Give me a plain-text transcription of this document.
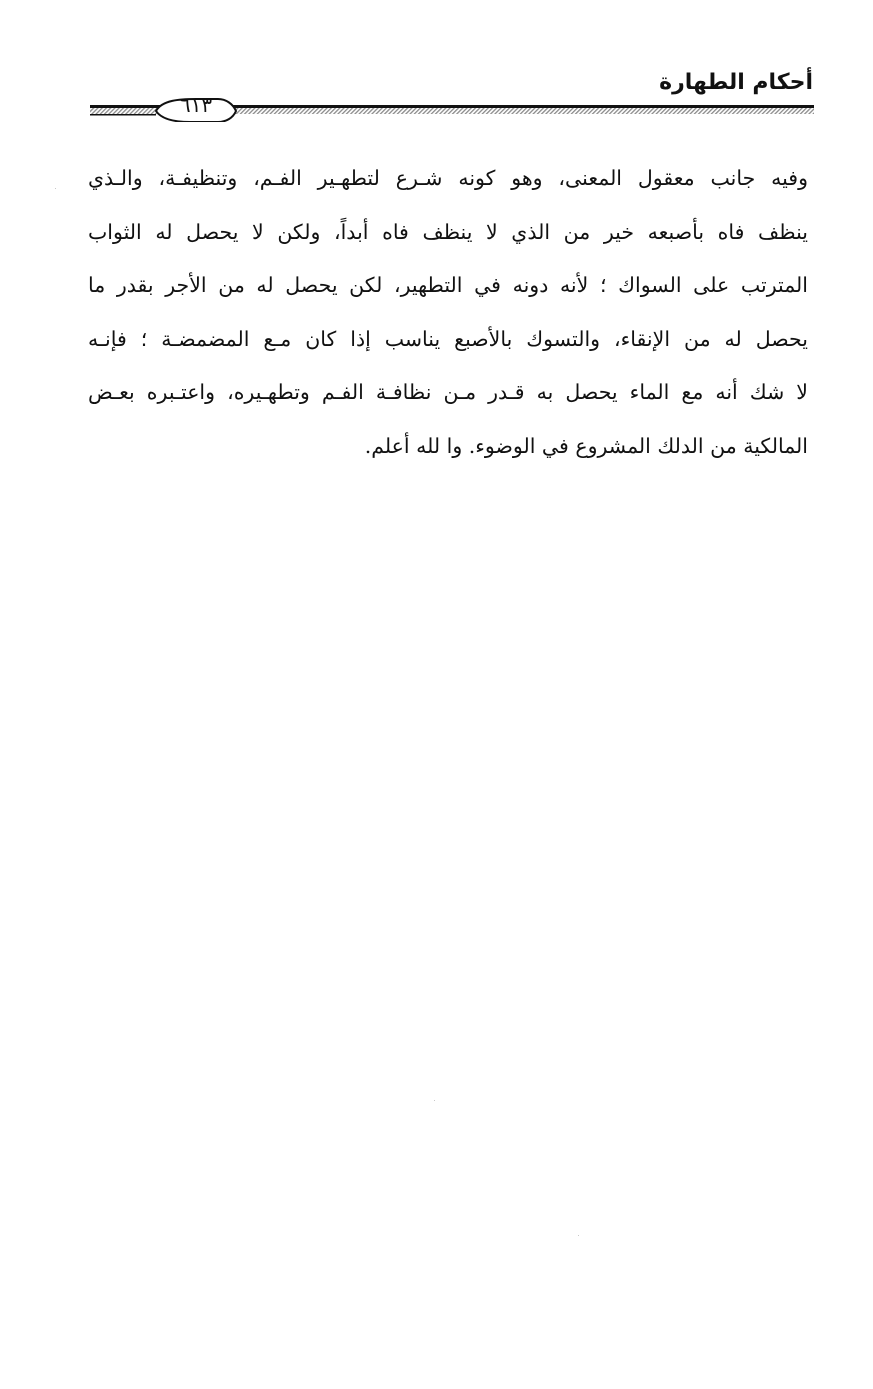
أحكام الطهارة
٦١٣
وفيه جانب معقول المعنى، وهو كونه شـرع لتطهـير الفـم، وتنظيفـة، والـذي
ينظف فاه بأصبعه خير من الذي لا ينظف فاه أبداً، ولكن لا يحصل له الثواب
المترتب على السواك ؛ لأنه دونه في التطهير، لكن يحصل له من الأجر بقدر ما
يحصل له من الإنقاء، والتسوك بالأصبع يناسب إذا كان مـع المضمضـة ؛ فإنـه
لا شك أنه مع الماء يحصل به قـدر مـن نظافـة الفـم وتطهـيره، واعتـبره بعـض
المالكية من الدلك المشروع في الوضوء. وا لله أعلم.
